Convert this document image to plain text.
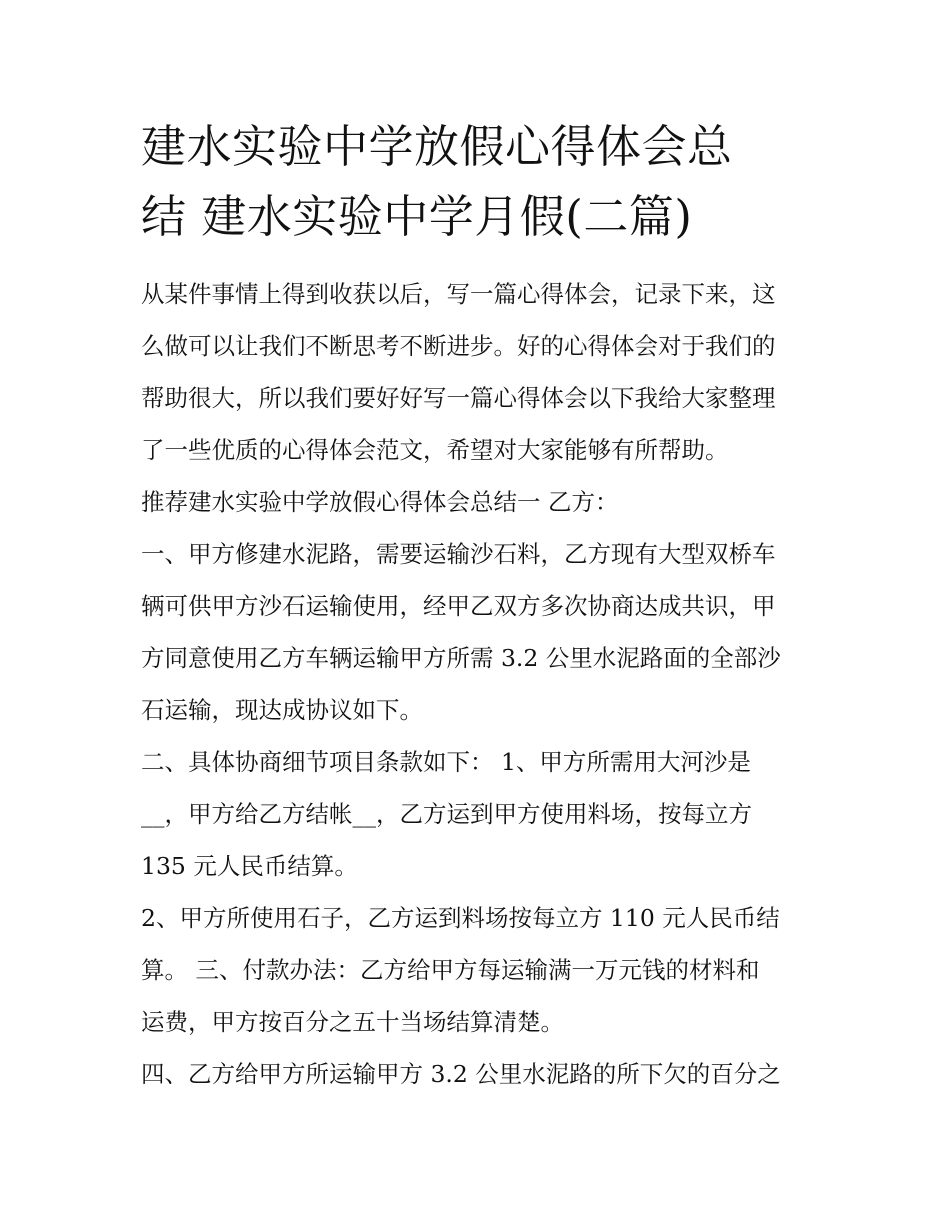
建水实验中学放假心得体会总
结 建水实验中学月假(二篇)

从某件事情上得到收获以后，写一篇心得体会，记录下来，这
么做可以让我们不断思考不断进步。好的心得体会对于我们的
帮助很大，所以我们要好好写一篇心得体会以下我给大家整理
了一些优质的心得体会范文，希望对大家能够有所帮助。

推荐建水实验中学放假心得体会总结一 乙方：

一、甲方修建水泥路，需要运输沙石料，乙方现有大型双桥车
辆可供甲方沙石运输使用，经甲乙双方多次协商达成共识，甲
方同意使用乙方车辆运输甲方所需 3.2 公里水泥路面的全部沙
石运输，现达成协议如下。

二、具体协商细节项目条款如下： 1、甲方所需用大河沙是
__，甲方给乙方结帐__，乙方运到甲方使用料场，按每立方
135 元人民币结算。

2、甲方所使用石子，乙方运到料场按每立方 110 元人民币结
算。 三、付款办法：乙方给甲方每运输满一万元钱的材料和
运费，甲方按百分之五十当场结算清楚。

四、乙方给甲方所运输甲方 3.2 公里水泥路的所下欠的百分之
